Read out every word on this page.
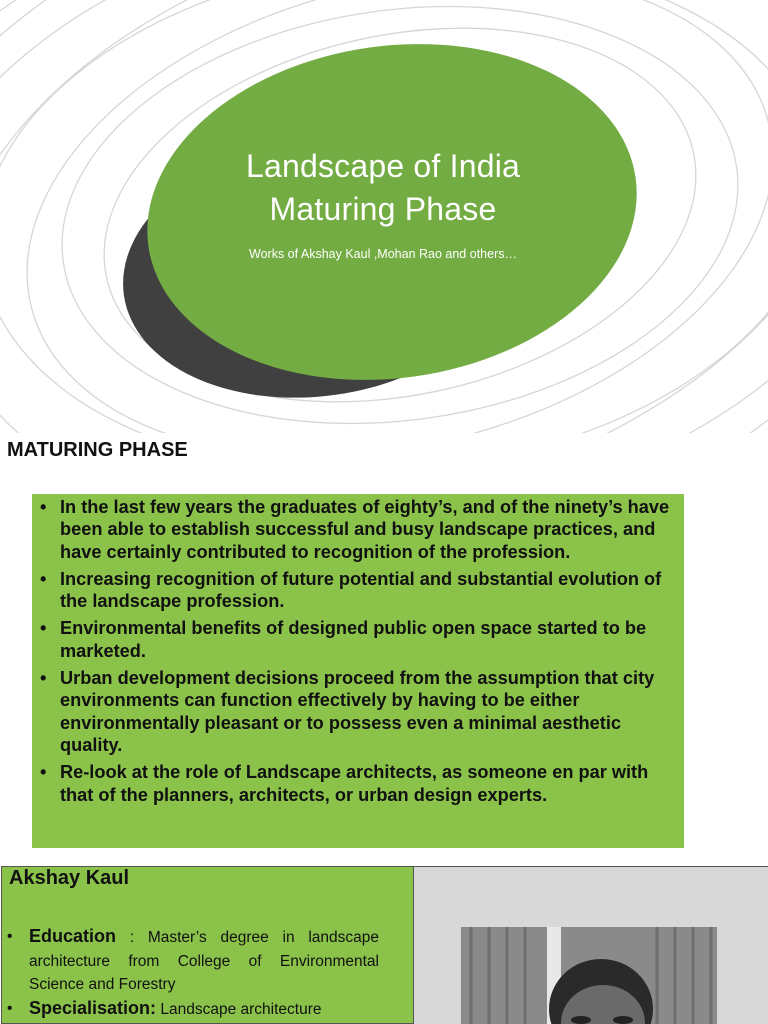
Landscape of India
Maturing Phase
Works of Akshay Kaul ,Mohan Rao and others…
MATURING PHASE
• In the last few years the graduates of eighty’s, and of the ninety’s have been able to establish successful and busy landscape practices, and have certainly contributed to recognition of the profession.
• Increasing recognition of future potential and substantial evolution of the landscape profession.
• Environmental benefits of designed public open space started to be marketed.
• Urban development decisions proceed from the assumption that city environments can function effectively by having to be either environmentally pleasant or to possess even a minimal aesthetic quality.
• Re-look at the role of Landscape architects, as someone en par with that of the planners, architects, or urban design experts.
Akshay Kaul
• Education : Master’s degree in landscape architecture from College of Environmental Science and Forestry
• Specialisation: Landscape architecture
